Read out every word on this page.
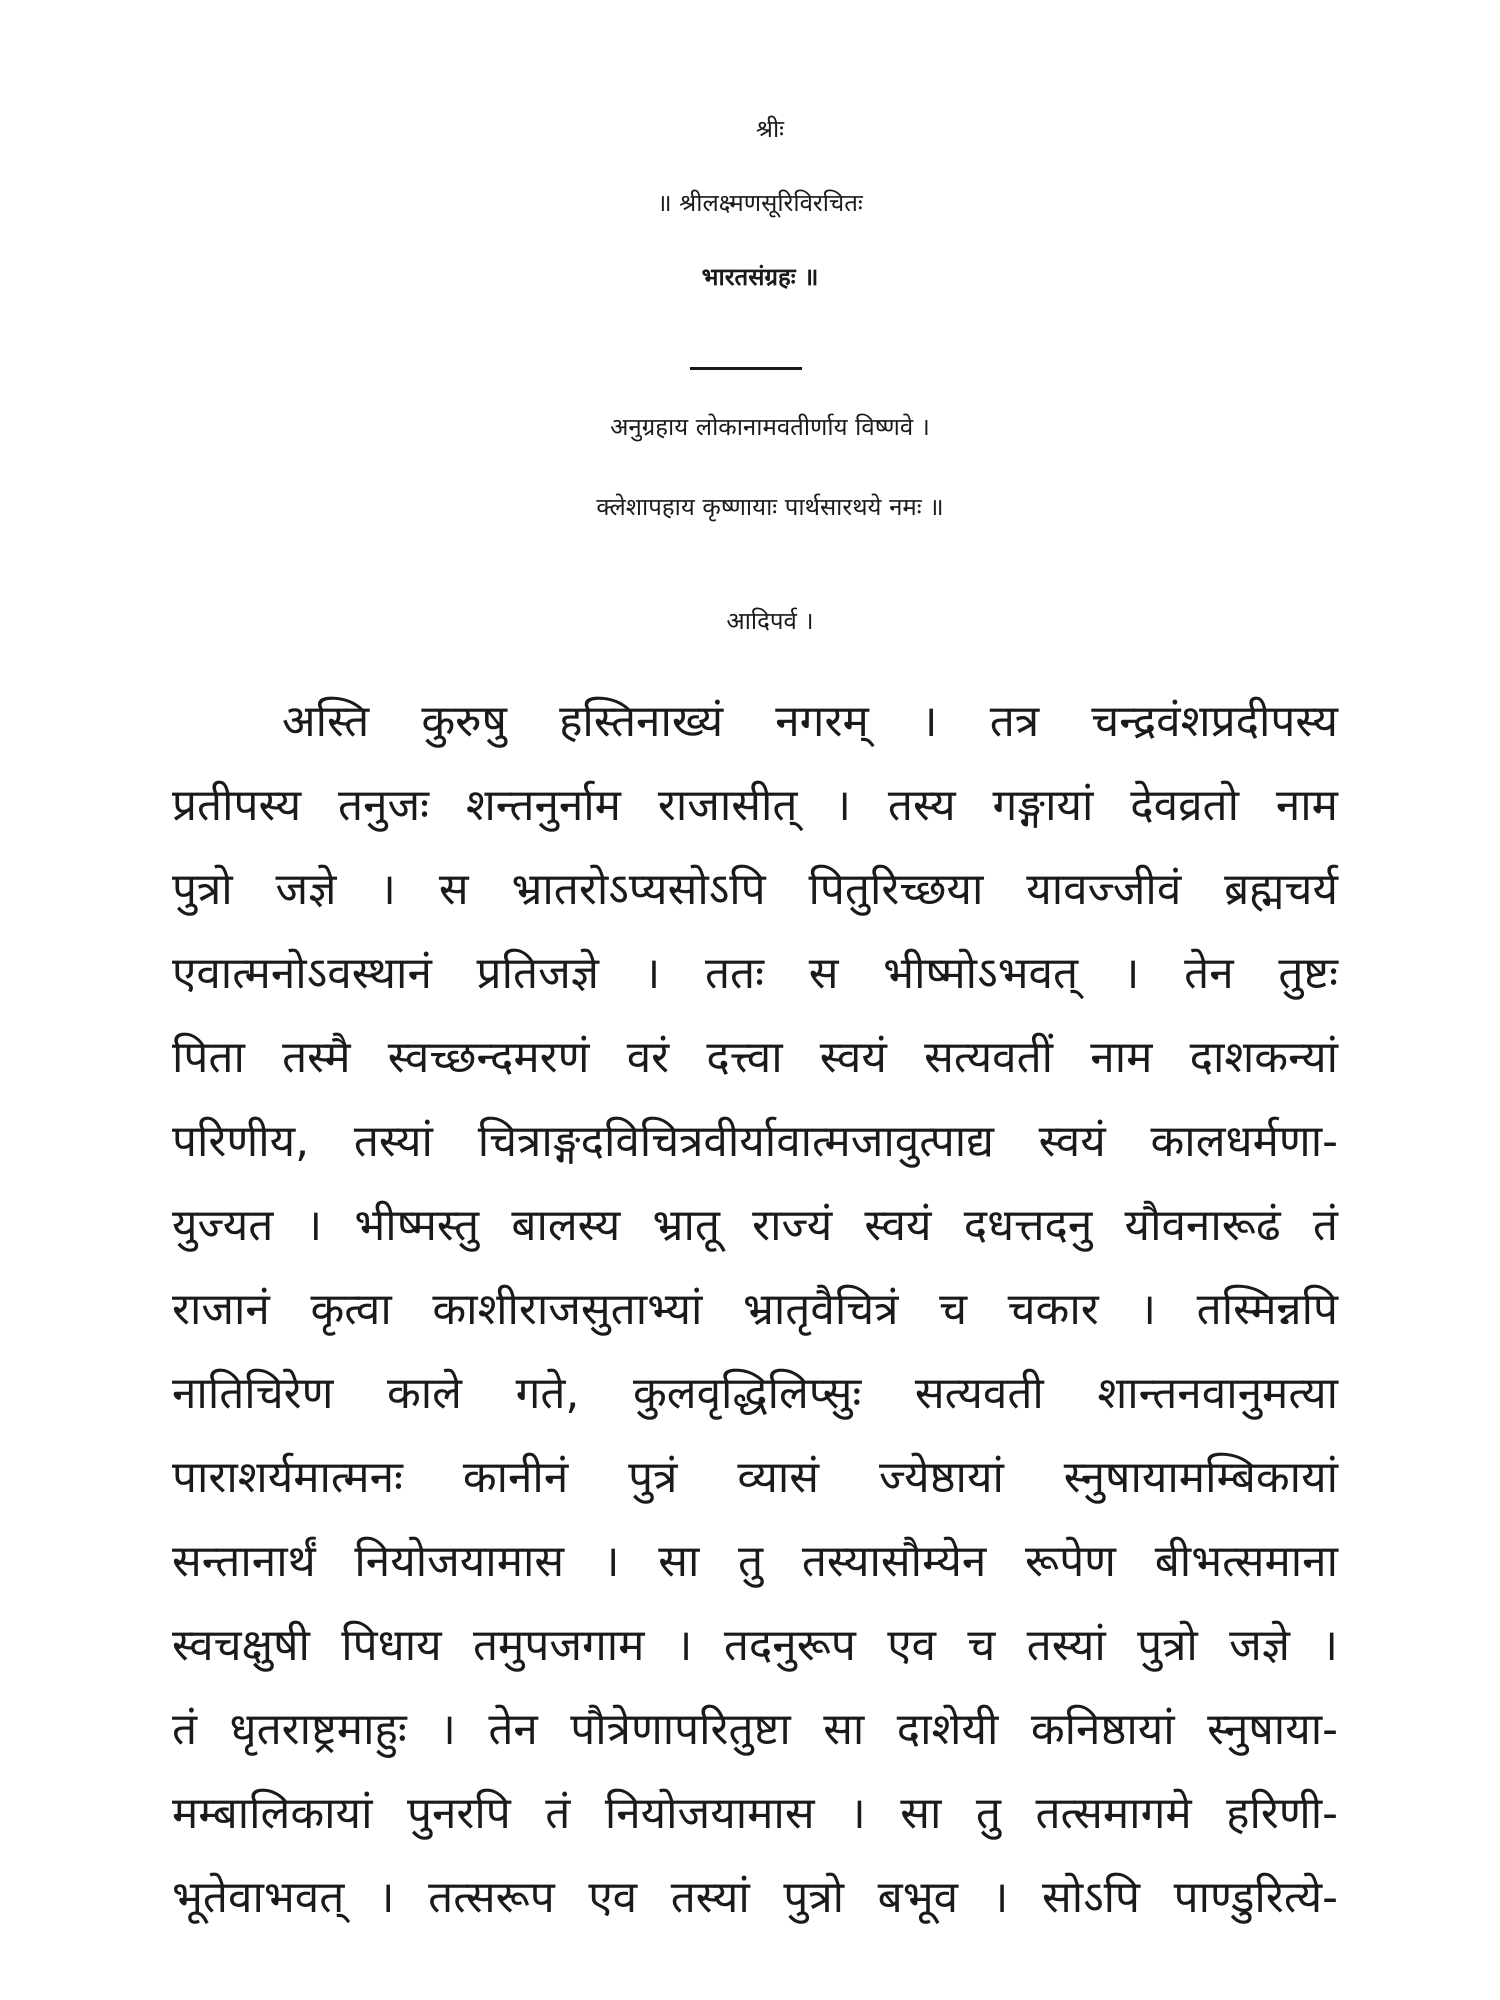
श्रीः
॥ श्रीलक्ष्मणसूरिविरचितः
भारतसंग्रहः ॥
अनुग्रहाय लोकानामवतीर्णाय विष्णवे ।
क्लेशापहाय कृष्णायाः पार्थसारथये नमः ॥
आदिपर्व ।
अस्ति कुरुषु हस्तिनाख्यं नगरम् । तत्र चन्द्रवंशप्रदीपस्य
प्रतीपस्य तनुजः शन्तनुर्नाम राजासीत् । तस्य गङ्गायां देवव्रतो नाम
पुत्रो जज्ञे । स भ्रातरोऽप्यसोऽपि पितुरिच्छया यावज्जीवं ब्रह्मचर्य
एवात्मनोऽवस्थानं प्रतिजज्ञे । ततः स भीष्मोऽभवत् । तेन तुष्टः
पिता तस्मै स्वच्छन्दमरणं वरं दत्त्वा स्वयं सत्यवतीं नाम दाशकन्यां
परिणीय, तस्यां चित्राङ्गदविचित्रवीर्यावात्मजावुत्पाद्य स्वयं कालधर्मणा-
युज्यत । भीष्मस्तु बालस्य भ्रातू राज्यं स्वयं दधत्तदनु यौवनारूढं तं
राजानं कृत्वा काशीराजसुताभ्यां भ्रातृवैचित्रं च चकार । तस्मिन्नपि
नातिचिरेण काले गते, कुलवृद्धिलिप्सुः सत्यवती शान्तनवानुमत्या
पाराशर्यमात्मनः कानीनं पुत्रं व्यासं ज्येष्ठायां स्नुषायामम्बिकायां
सन्तानार्थं नियोजयामास । सा तु तस्यासौम्येन रूपेण बीभत्समाना
स्वचक्षुषी पिधाय तमुपजगाम । तदनुरूप एव च तस्यां पुत्रो जज्ञे ।
तं धृतराष्ट्रमाहुः । तेन पौत्रेणापरितुष्टा सा दाशेयी कनिष्ठायां स्नुषाया-
मम्बालिकायां पुनरपि तं नियोजयामास । सा तु तत्समागमे हरिणी-
भूतेवाभवत् । तत्सरूप एव तस्यां पुत्रो बभूव । सोऽपि पाण्डुरित्ये-
